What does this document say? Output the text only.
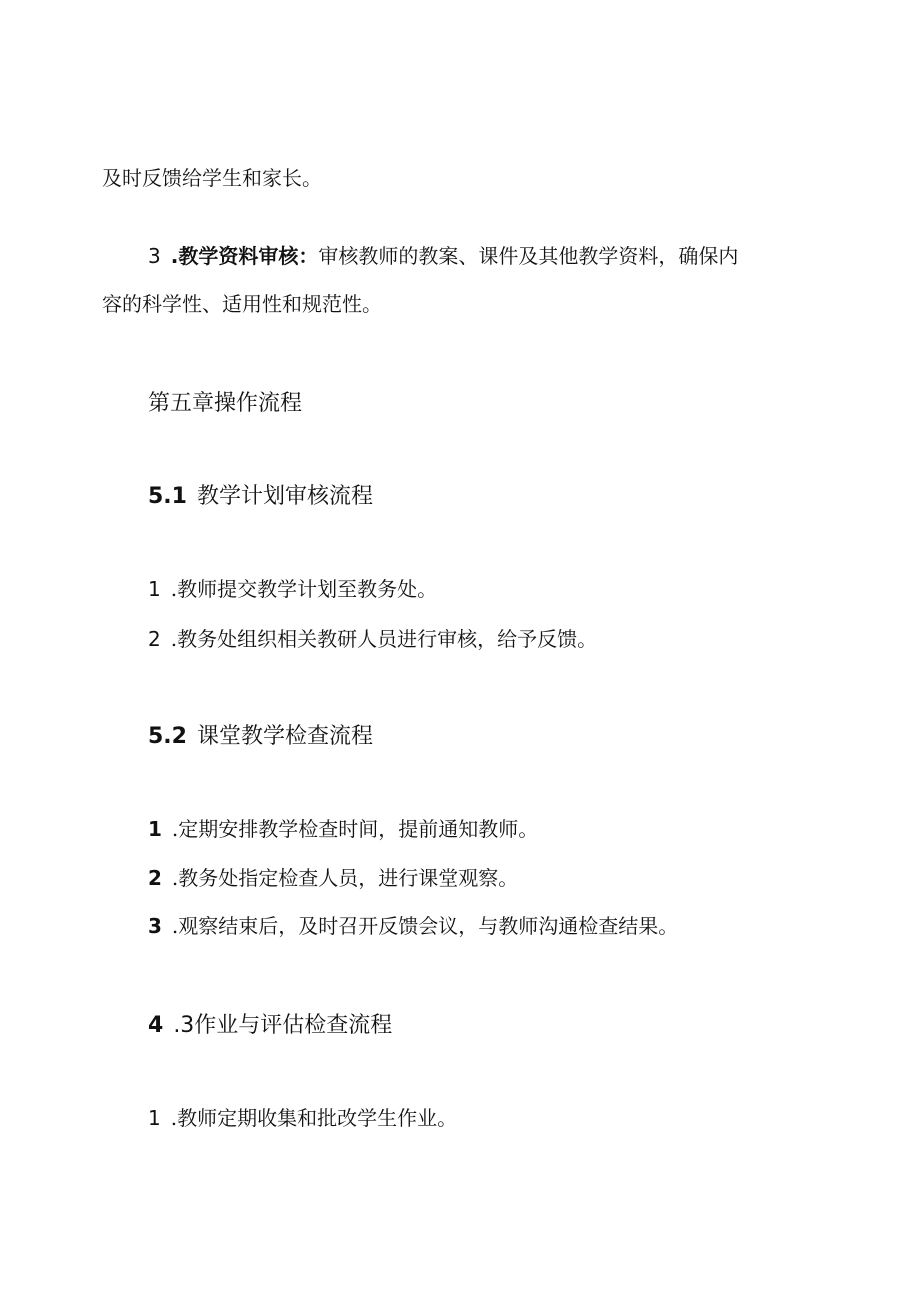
及时反馈给学生和家长。
3 .教学资料审核：审核教师的教案、课件及其他教学资料，确保内
容的科学性、适用性和规范性。
第五章操作流程
5.1 教学计划审核流程
1 .教师提交教学计划至教务处。
2 .教务处组织相关教研人员进行审核，给予反馈。
5.2 课堂教学检查流程
1 .定期安排教学检查时间，提前通知教师。
2 .教务处指定检查人员，进行课堂观察。
3 .观察结束后，及时召开反馈会议，与教师沟通检查结果。
4 .3作业与评估检查流程
1 .教师定期收集和批改学生作业。
